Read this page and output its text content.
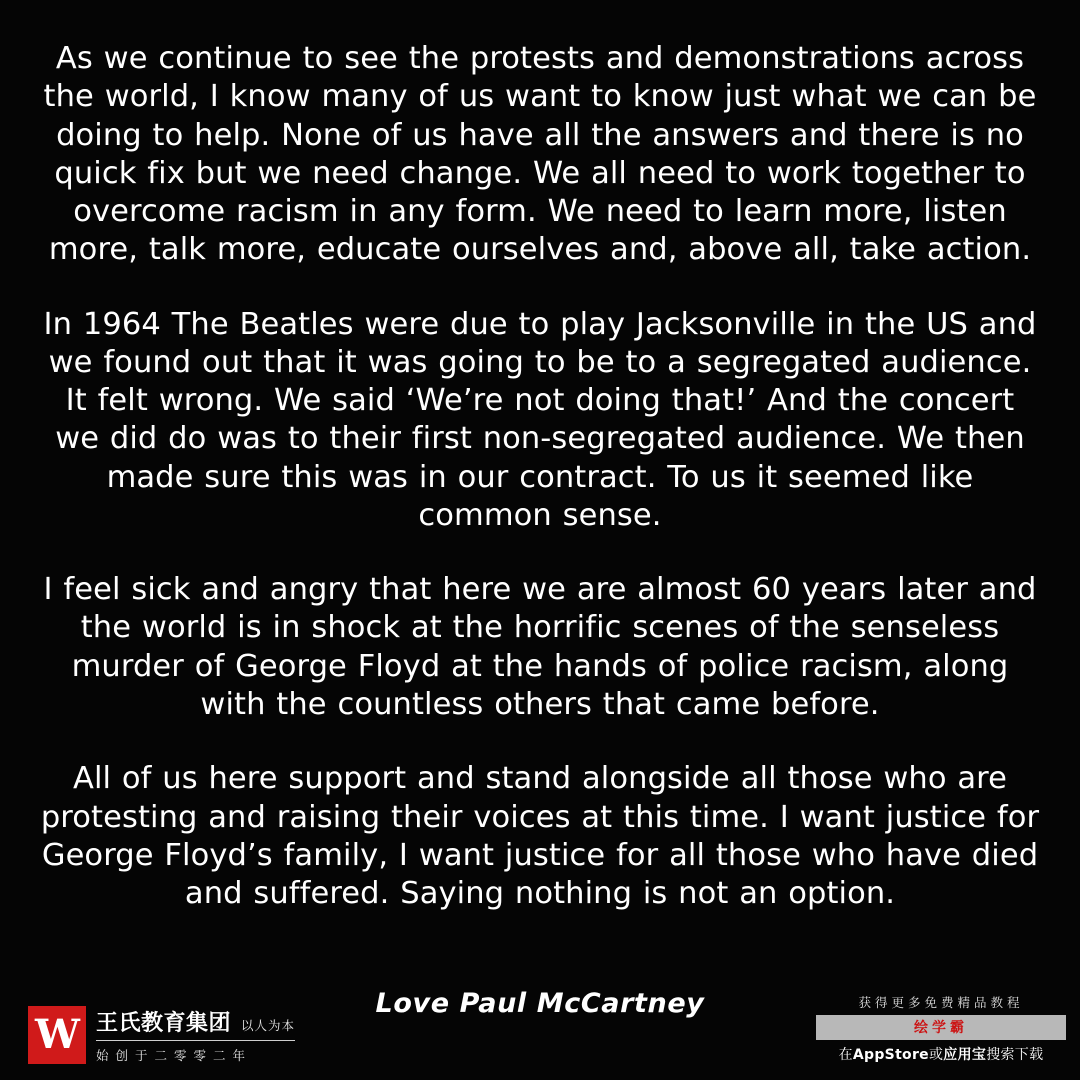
As we continue to see the protests and demonstrations across the world, I know many of us want to know just what we can be doing to help. None of us have all the answers and there is no quick fix but we need change. We all need to work together to overcome racism in any form. We need to learn more, listen more, talk more, educate ourselves and, above all, take action.

In 1964 The Beatles were due to play Jacksonville in the US and we found out that it was going to be to a segregated audience. It felt wrong. We said ‘We’re not doing that!’ And the concert we did do was to their first non-segregated audience. We then made sure this was in our contract. To us it seemed like common sense.

I feel sick and angry that here we are almost 60 years later and the world is in shock at the horrific scenes of the senseless murder of George Floyd at the hands of police racism, along with the countless others that came before.

All of us here support and stand alongside all those who are protesting and raising their voices at this time. I want justice for George Floyd’s family, I want justice for all those who have died and suffered. Saying nothing is not an option.

Love Paul McCartney
W 王氏教育集团 以人为本
始创于二零零二年
获得更多免费精品教程
绘学霸
在AppStore或应用宝搜索下载
